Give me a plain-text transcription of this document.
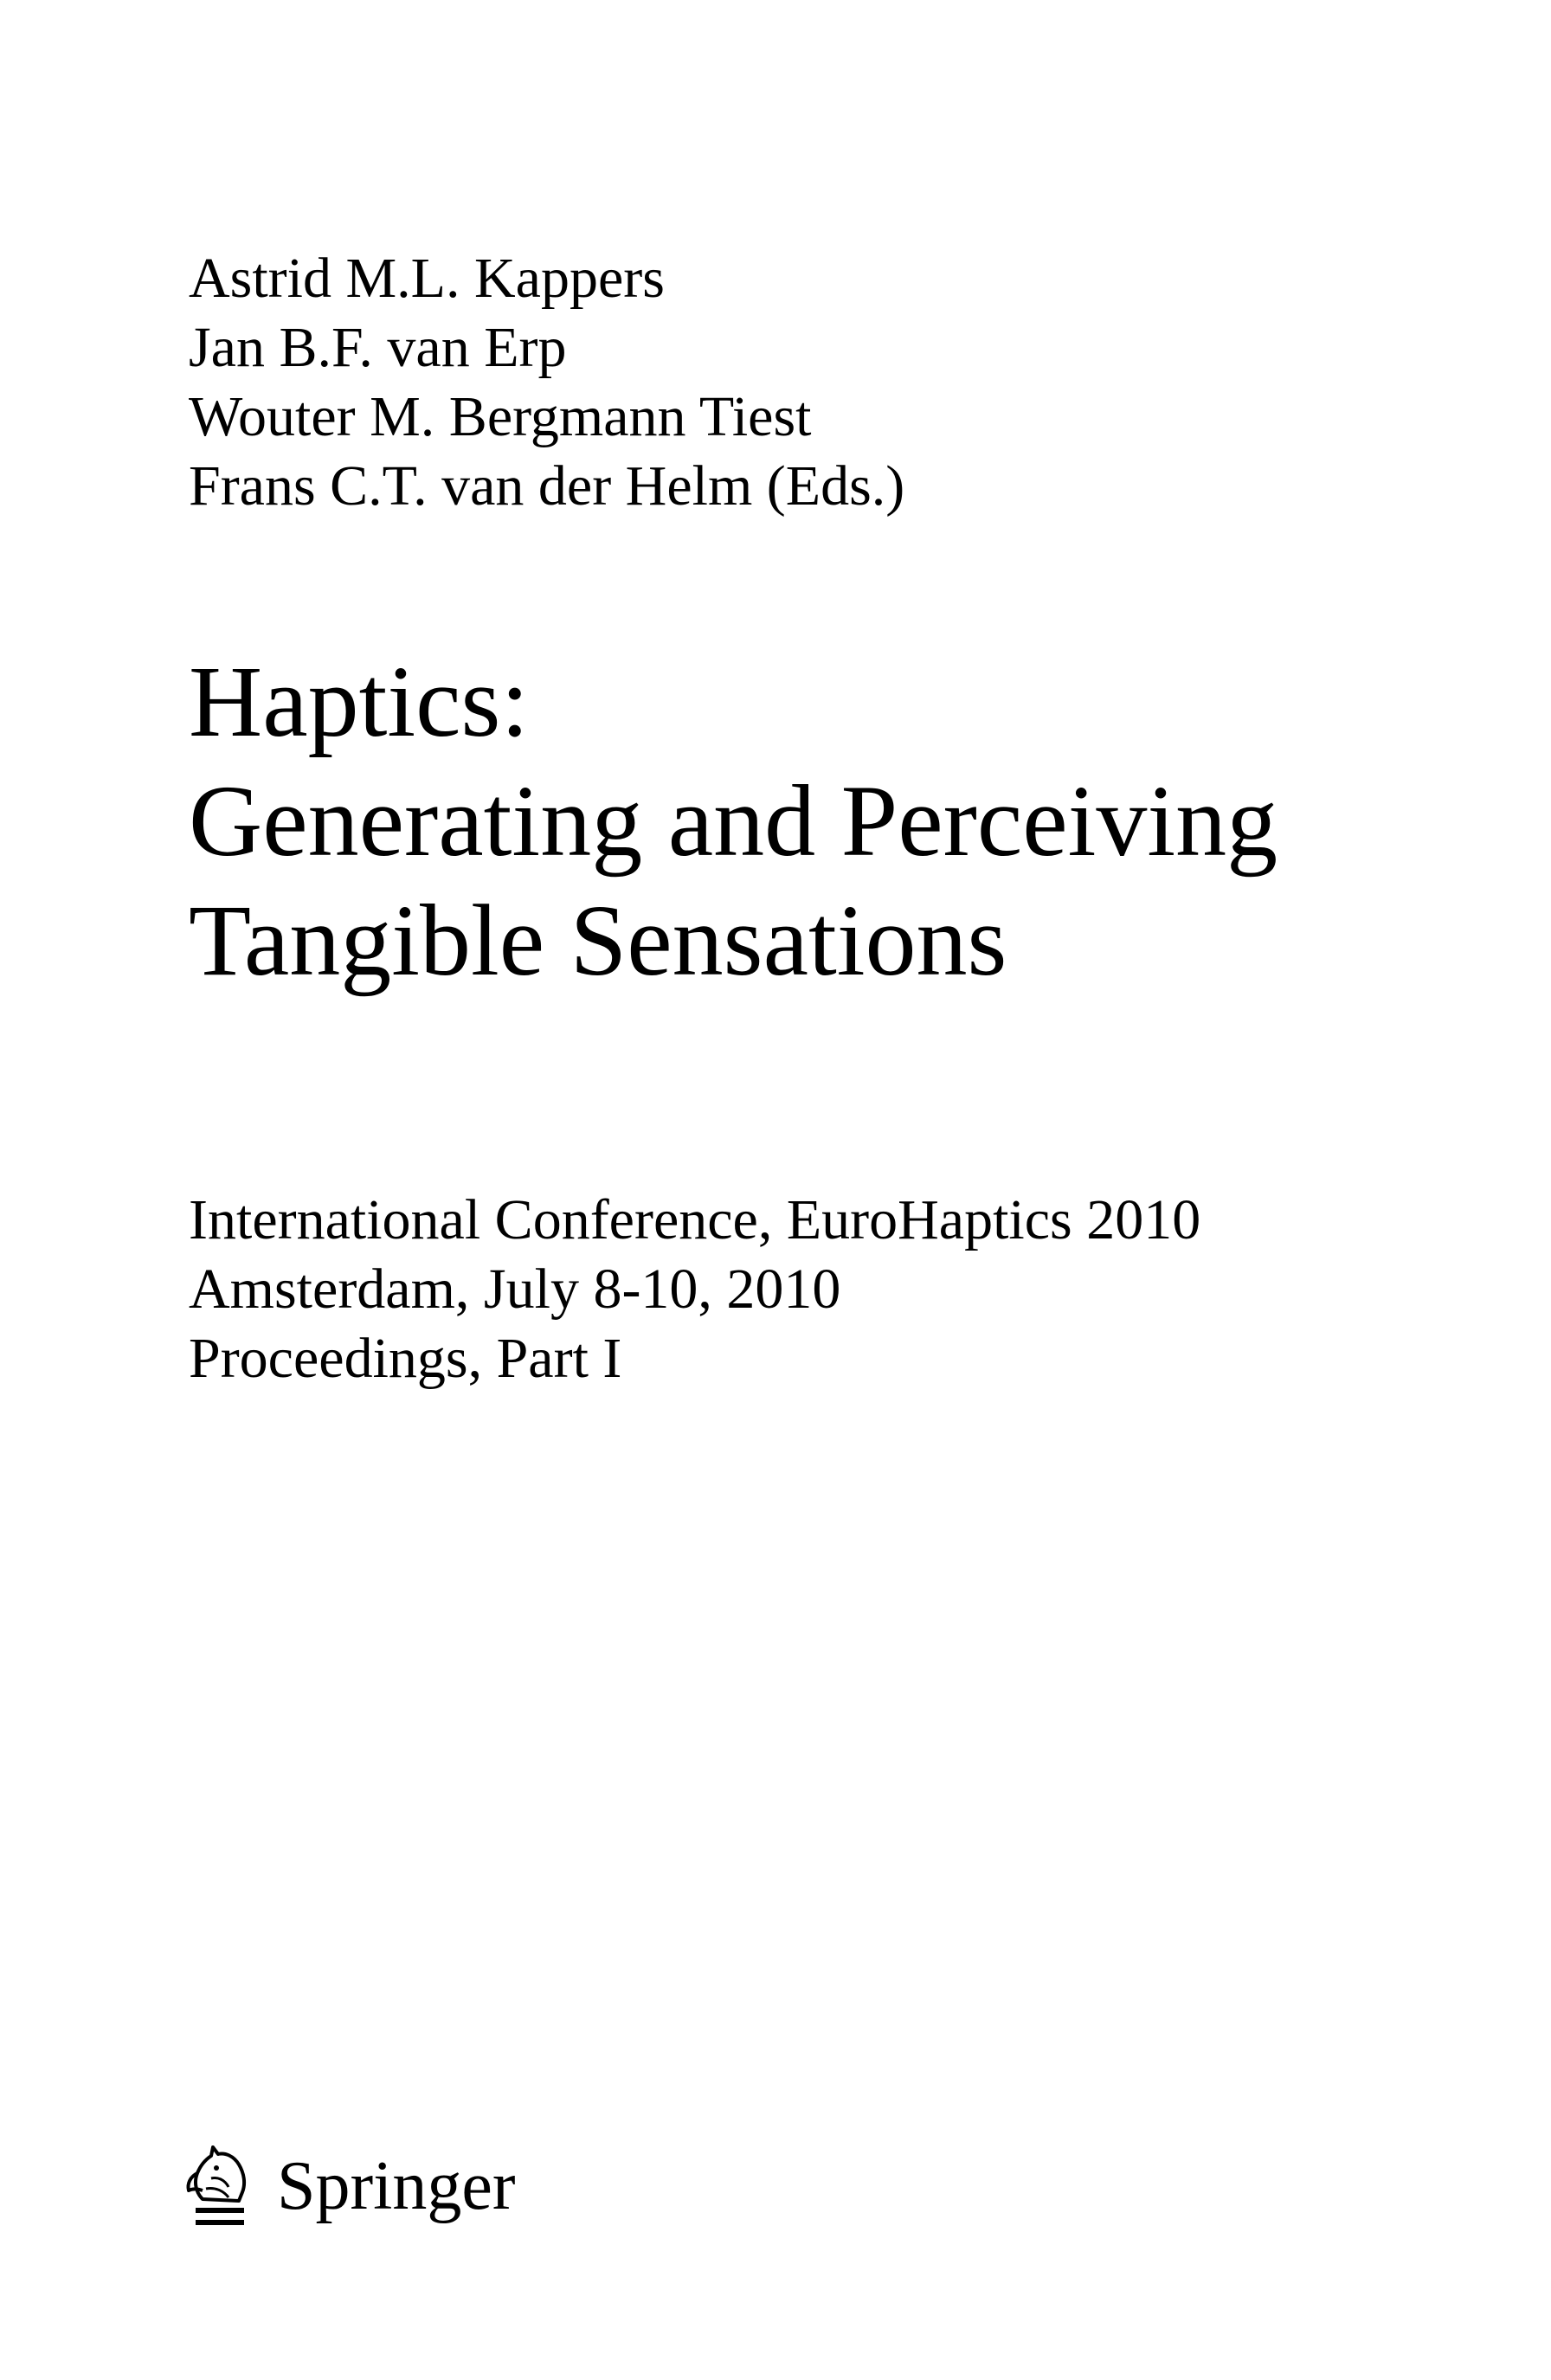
Astrid M.L. Kappers
Jan B.F. van Erp
Wouter M. Bergmann Tiest
Frans C.T. van der Helm (Eds.)
Haptics:
Generating and Perceiving
Tangible Sensations
International Conference, EuroHaptics 2010
Amsterdam, July 8-10, 2010
Proceedings, Part I
Springer
